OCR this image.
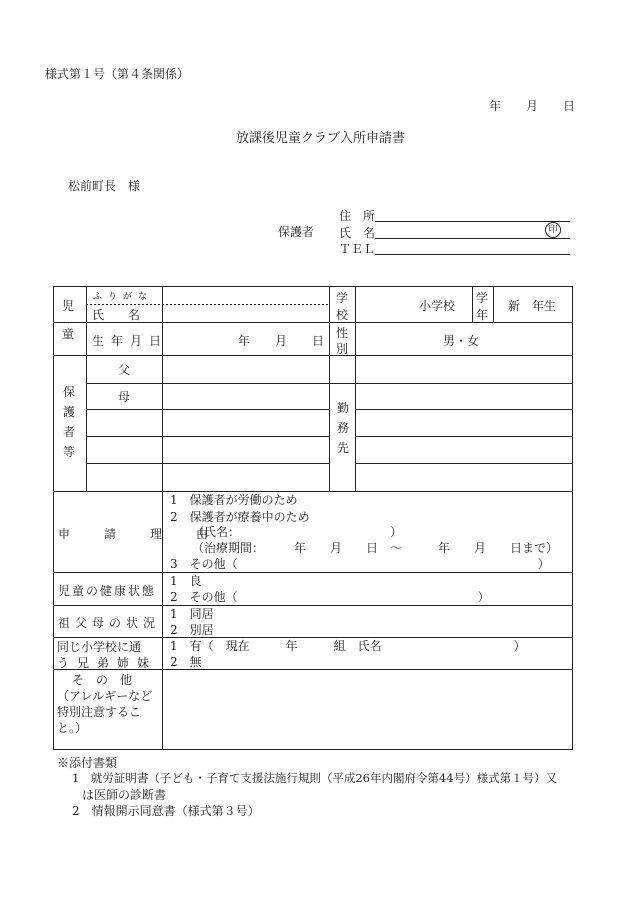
様式第１号（第４条関係）
年 月 日
放課後児童クラブ入所申請書
松前町長　様
保護者
住　所
氏　名	印
ＴＥＬ
児
童
ふりがな
氏　　名
学
校
小学校
学
年
新　年生
生年月日	年 月 日
性
別
男・女
保
護
者
等
父
母
勤
務
先
申　請　理　由
1　保護者が労働のため
2　保護者が療養中のため
（氏名：　　　　　　　　　　　　　）
（治療期間：　　　年　　月　　日　～　　　年　　月　　日まで）
3　その他（　　　　　　　　　　　　　　　　　　　　　　　　　）
児童の健康状態
1　良
2　その他（　　　　　　　　　　　　　　　　　　　　）
祖父母の状況
1　同居
2　別居
同じ小学校に通
う兄弟姉妹
1　有（　現在　　　年　　　組　氏名　　　　　　　　　　　）
2　無
そ　の　他
（アレルギーなど
特別注意するこ
と。）
※添付書類
1　就労証明書（子ども・子育て支援法施行規則（平成26年内閣府令第44号）様式第１号）又
は医師の診断書
2　情報開示同意書（様式第３号）
